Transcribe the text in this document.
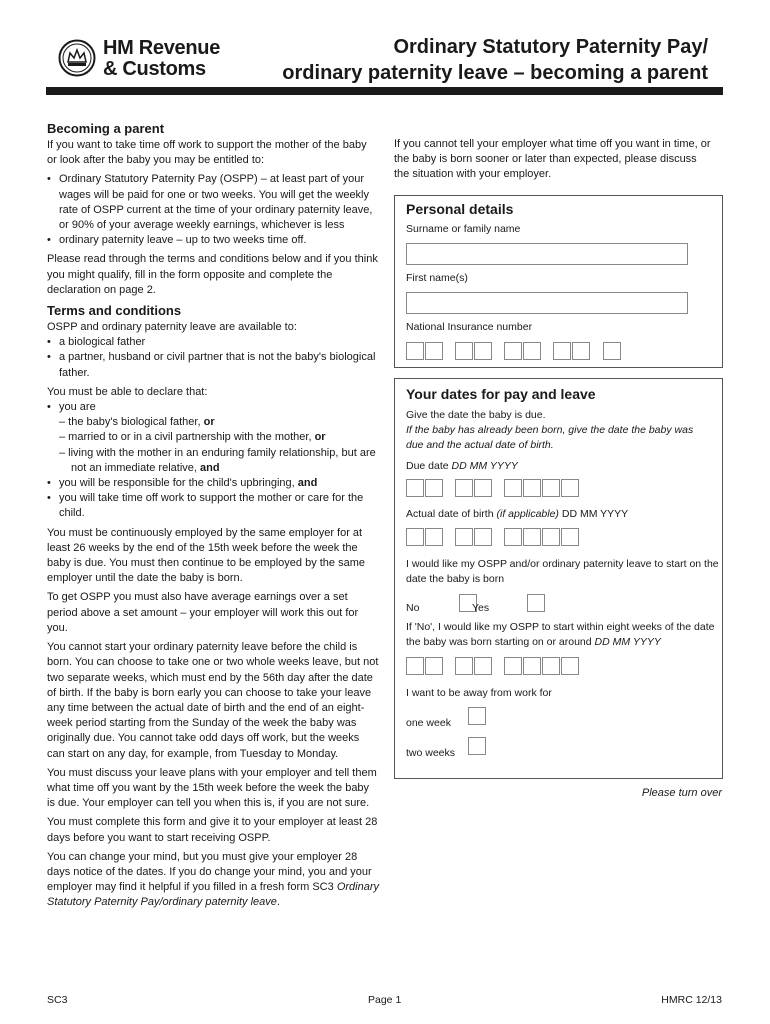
HM Revenue
& Customs
Ordinary Statutory Paternity Pay/
ordinary paternity leave – becoming a parent
Becoming a parent

If you want to take time off work to support the mother of the baby or look after the baby you may be entitled to:

• Ordinary Statutory Paternity Pay (OSPP) – at least part of your wages will be paid for one or two weeks. You will get the weekly rate of OSPP current at the time of your ordinary paternity leave, or 90% of your average weekly earnings, whichever is less
• ordinary paternity leave – up to two weeks time off.

Please read through the terms and conditions below and if you think you might qualify, fill in the form opposite and complete the declaration on page 2.

Terms and conditions

OSPP and ordinary paternity leave are available to:

• a biological father
• a partner, husband or civil partner that is not the baby's biological father.

You must be able to declare that:

• you are
– the baby's biological father, or
– married to or in a civil partnership with the mother, or
– living with the mother in an enduring family relationship, but are not an immediate relative, and
• you will be responsible for the child's upbringing, and
• you will take time off work to support the mother or care for the child.

You must be continuously employed by the same employer for at least 26 weeks by the end of the 15th week before the week the baby is due. You must then continue to be employed by the same employer until the date the baby is born.

To get OSPP you must also have average earnings over a set period above a set amount – your employer will work this out for you.

You cannot start your ordinary paternity leave before the child is born. You can choose to take one or two whole weeks leave, but not two separate weeks, which must end by the 56th day after the date of birth. If the baby is born early you can choose to take your leave any time between the actual date of birth and the end of an eight-week period starting from the Sunday of the week the baby was originally due. You cannot take odd days off work, but the weeks can start on any day, for example, from Tuesday to Monday.

You must discuss your leave plans with your employer and tell them what time off you want by the 15th week before the week the baby is due. Your employer can tell you when this is, if you are not sure.

You must complete this form and give it to your employer at least 28 days before you want to start receiving OSPP.

You can change your mind, but you must give your employer 28 days notice of the dates. If you do change your mind, you and your employer may find it helpful if you filled in a fresh form SC3 Ordinary Statutory Paternity Pay/ordinary paternity leave.

If you cannot tell your employer what time off you want in time, or the baby is born sooner or later than expected, please discuss the situation with your employer.
Personal details
Surname or family name
First name(s)
National Insurance number
Your dates for pay and leave
Give the date the baby is due.
If the baby has already been born, give the date the baby was due and the actual date of birth.
Due date DD MM YYYY
Actual date of birth (if applicable) DD MM YYYY
I would like my OSPP and/or ordinary paternity leave to start on the date the baby is born
No	Yes
If 'No', I would like my OSPP to start within eight weeks of the date the baby was born starting on or around DD MM YYYY
I want to be away from work for
one week
two weeks
Please turn over
SC3	Page 1	HMRC 12/13
